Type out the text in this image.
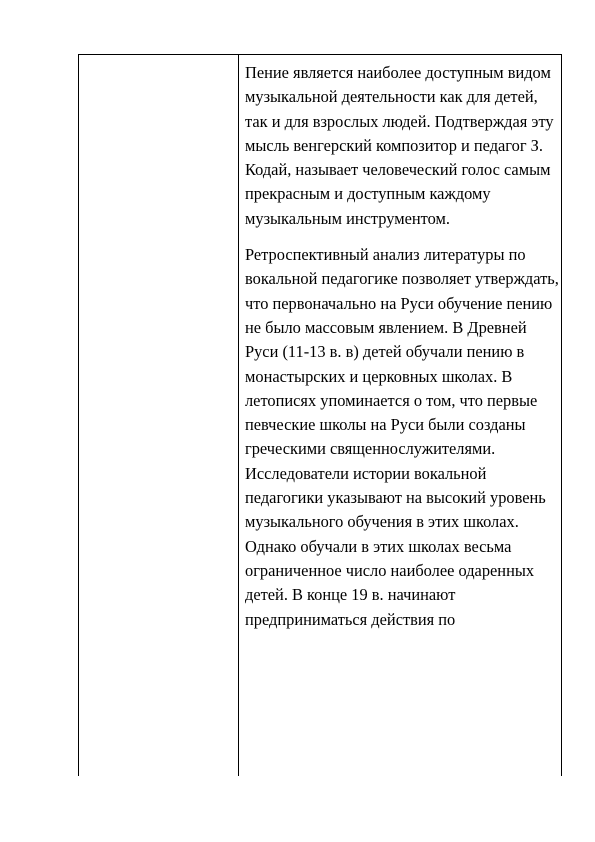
Пение является наиболее доступным видом музыкальной деятельности как для детей, так и для взрослых людей. Подтверждая эту мысль венгерский композитор и педагог З. Кодай, называет человеческий голос самым прекрасным и доступным каждому музыкальным инструментом.

Ретроспективный анализ литературы по вокальной педагогике позволяет утверждать, что первоначально на Руси обучение пению не было массовым явлением. В Древней Руси (11-13 в. в) детей обучали пению в монастырских и церковных школах. В летописях упоминается о том, что первые певческие школы на Руси были созданы греческими священнослужителями. Исследователи истории вокальной педагогики указывают на высокий уровень музыкального обучения в этих школах. Однако обучали в этих школах весьма ограниченное число наиболее одаренных детей. В конце 19 в. начинают предприниматься действия по
